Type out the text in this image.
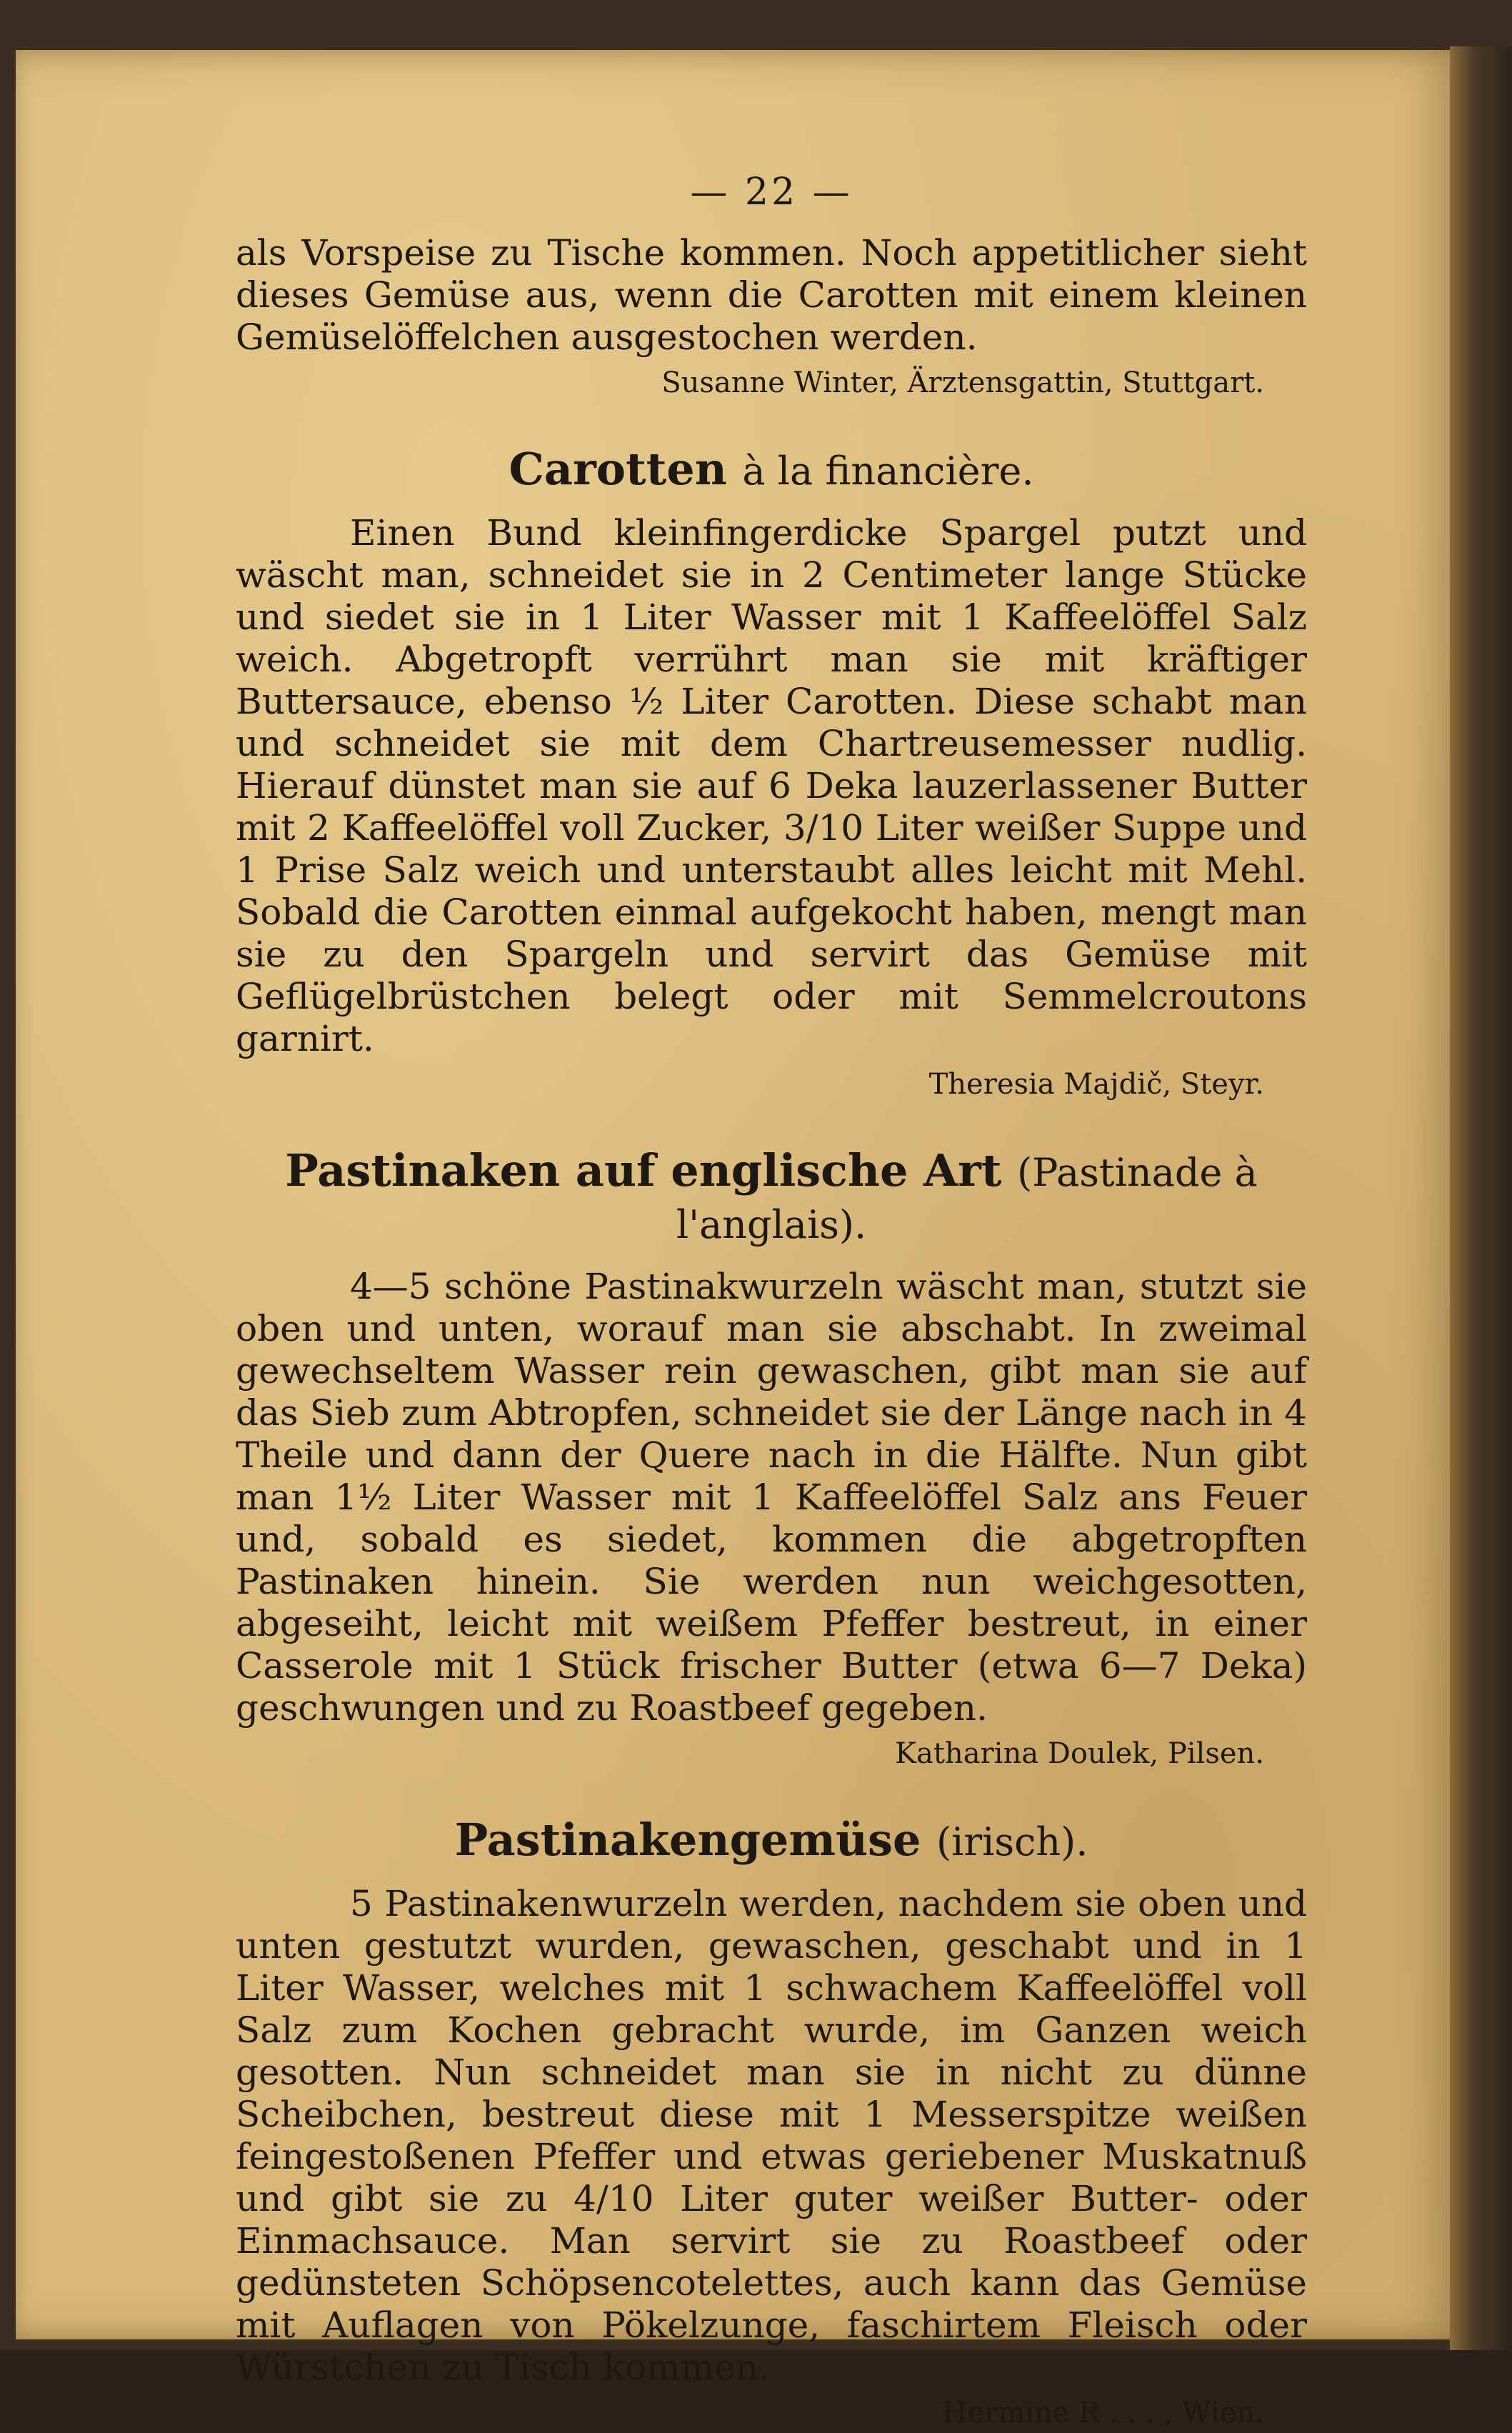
— 22 —

als Vorspeise zu Tische kommen. Noch appetitlicher sieht dieses Gemüse aus, wenn die Carotten mit einem kleinen Gemüselöffelchen ausgestochen werden.

Susanne Winter, Ärztensgattin, Stuttgart.
Carotten à la financière.

Einen Bund kleinfingerdicke Spargel putzt und wäscht man, schneidet sie in 2 Centimeter lange Stücke und siedet sie in 1 Liter Wasser mit 1 Kaffeelöffel Salz weich. Abgetropft verrührt man sie mit kräftiger Buttersauce, ebenso ½ Liter Carotten. Diese schabt man und schneidet sie mit dem Chartreusemesser nudlig. Hierauf dünstet man sie auf 6 Deka lauzerlassener Butter mit 2 Kaffeelöffel voll Zucker, 3/10 Liter weißer Suppe und 1 Prise Salz weich und unterstaubt alles leicht mit Mehl. Sobald die Carotten einmal aufgekocht haben, mengt man sie zu den Spargeln und servirt das Gemüse mit Geflügelbrüstchen belegt oder mit Semmelcroutons garnirt.

Theresia Majdič, Steyr.
Pastinaken auf englische Art (Pastinade à l'anglais).

4—5 schöne Pastinakwurzeln wäscht man, stutzt sie oben und unten, worauf man sie abschabt. In zweimal gewechseltem Wasser rein gewaschen, gibt man sie auf das Sieb zum Abtropfen, schneidet sie der Länge nach in 4 Theile und dann der Quere nach in die Hälfte. Nun gibt man 1½ Liter Wasser mit 1 Kaffeelöffel Salz ans Feuer und, sobald es siedet, kommen die abgetropften Pastinaken hinein. Sie werden nun weichgesotten, abgeseiht, leicht mit weißem Pfeffer bestreut, in einer Casserole mit 1 Stück frischer Butter (etwa 6—7 Deka) geschwungen und zu Roastbeef gegeben.

Katharina Doulek, Pilsen.
Pastinakengemüse (irisch).

5 Pastinakenwurzeln werden, nachdem sie oben und unten gestutzt wurden, gewaschen, geschabt und in 1 Liter Wasser, welches mit 1 schwachem Kaffeelöffel voll Salz zum Kochen gebracht wurde, im Ganzen weich gesotten. Nun schneidet man sie in nicht zu dünne Scheibchen, bestreut diese mit 1 Messerspitze weißen feingestoßenen Pfeffer und etwas geriebener Muskatnuß und gibt sie zu 4/10 Liter guter weißer Butter- oder Einmachsauce. Man servirt sie zu Roastbeef oder gedünsteten Schöpsencotelettes, auch kann das Gemüse mit Auflagen von Pökelzunge, faschirtem Fleisch oder Würstchen zu Tisch kommen.

Hermine R . . . , Wien.
